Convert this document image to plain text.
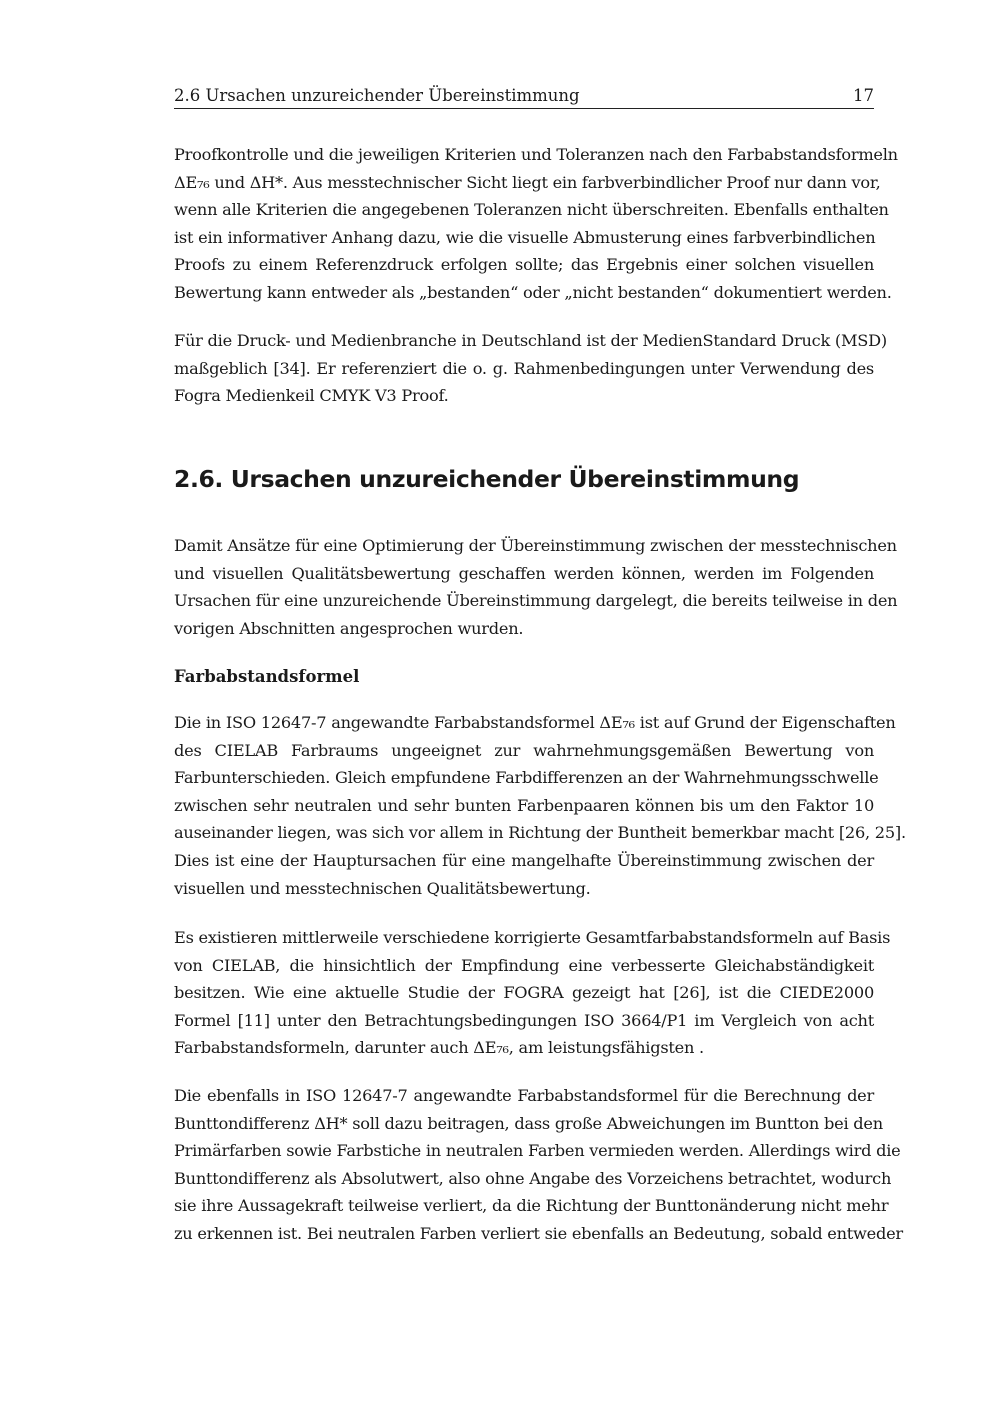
2.6 Ursachen unzureichender Übereinstimmung	17
Proofkontrolle und die jeweiligen Kriterien und Toleranzen nach den Farbabstandsformeln
ΔE₇₆ und ΔH*. Aus messtechnischer Sicht liegt ein farbverbindlicher Proof nur dann vor,
wenn alle Kriterien die angegebenen Toleranzen nicht überschreiten. Ebenfalls enthalten
ist ein informativer Anhang dazu, wie die visuelle Abmusterung eines farbverbindlichen
Proofs zu einem Referenzdruck erfolgen sollte; das Ergebnis einer solchen visuellen
Bewertung kann entweder als „bestanden“ oder „nicht bestanden“ dokumentiert werden.
Für die Druck- und Medienbranche in Deutschland ist der MedienStandard Druck (MSD)
maßgeblich [34]. Er referenziert die o. g. Rahmenbedingungen unter Verwendung des
Fogra Medienkeil CMYK V3 Proof.
2.6. Ursachen unzureichender Übereinstimmung
Damit Ansätze für eine Optimierung der Übereinstimmung zwischen der messtechnischen
und visuellen Qualitätsbewertung geschaffen werden können, werden im Folgenden
Ursachen für eine unzureichende Übereinstimmung dargelegt, die bereits teilweise in den
vorigen Abschnitten angesprochen wurden.
Farbabstandsformel
Die in ISO 12647-7 angewandte Farbabstandsformel ΔE₇₆ ist auf Grund der Eigenschaften
des CIELAB Farbraums ungeeignet zur wahrnehmungsgemäßen Bewertung von
Farbunterschieden. Gleich empfundene Farbdifferenzen an der Wahrnehmungsschwelle
zwischen sehr neutralen und sehr bunten Farbenpaaren können bis um den Faktor 10
auseinander liegen, was sich vor allem in Richtung der Buntheit bemerkbar macht [26, 25].
Dies ist eine der Hauptursachen für eine mangelhafte Übereinstimmung zwischen der
visuellen und messtechnischen Qualitätsbewertung.
Es existieren mittlerweile verschiedene korrigierte Gesamtfarbabstandsformeln auf Basis
von CIELAB, die hinsichtlich der Empfindung eine verbesserte Gleichabständigkeit
besitzen. Wie eine aktuelle Studie der FOGRA gezeigt hat [26], ist die CIEDE2000
Formel [11] unter den Betrachtungsbedingungen ISO 3664/P1 im Vergleich von acht
Farbabstandsformeln, darunter auch ΔE₇₆, am leistungsfähigsten .
Die ebenfalls in ISO 12647-7 angewandte Farbabstandsformel für die Berechnung der
Bunttondifferenz ΔH* soll dazu beitragen, dass große Abweichungen im Buntton bei den
Primärfarben sowie Farbstiche in neutralen Farben vermieden werden. Allerdings wird die
Bunttondifferenz als Absolutwert, also ohne Angabe des Vorzeichens betrachtet, wodurch
sie ihre Aussagekraft teilweise verliert, da die Richtung der Bunttonänderung nicht mehr
zu erkennen ist. Bei neutralen Farben verliert sie ebenfalls an Bedeutung, sobald entweder
